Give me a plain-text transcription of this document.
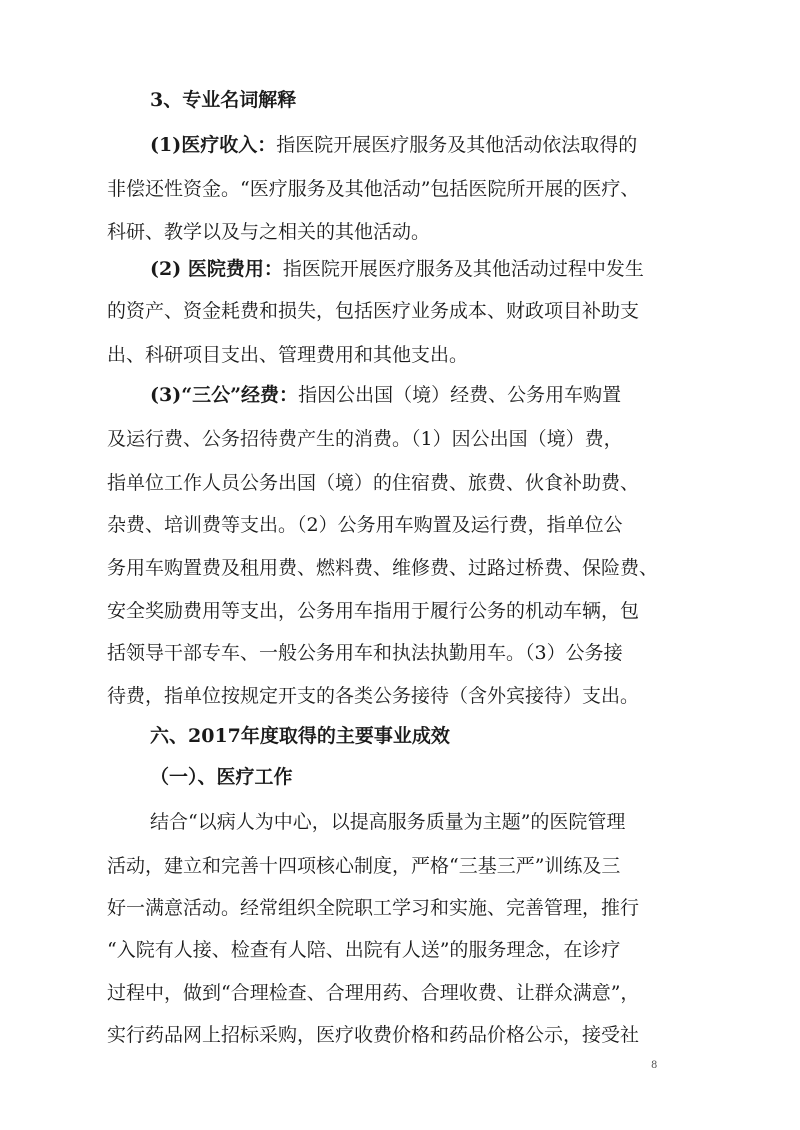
3、专业名词解释
(1)医疗收入：指医院开展医疗服务及其他活动依法取得的
非偿还性资金。“医疗服务及其他活动”包括医院所开展的医疗、
科研、教学以及与之相关的其他活动。
(2) 医院费用：指医院开展医疗服务及其他活动过程中发生
的资产、资金耗费和损失，包括医疗业务成本、财政项目补助支
出、科研项目支出、管理费用和其他支出。
(3)“三公”经费：指因公出国（境）经费、公务用车购置
及运行费、公务招待费产生的消费。（1）因公出国（境）费，
指单位工作人员公务出国（境）的住宿费、旅费、伙食补助费、
杂费、培训费等支出。（2）公务用车购置及运行费，指单位公
务用车购置费及租用费、燃料费、维修费、过路过桥费、保险费、
安全奖励费用等支出，公务用车指用于履行公务的机动车辆，包
括领导干部专车、一般公务用车和执法执勤用车。（3）公务接
待费，指单位按规定开支的各类公务接待（含外宾接待）支出。
六、2017年度取得的主要事业成效
（一）、医疗工作
结合“以病人为中心，以提高服务质量为主题”的医院管理
活动，建立和完善十四项核心制度，严格“三基三严”训练及三
好一满意活动。经常组织全院职工学习和实施、完善管理，推行
“入院有人接、检查有人陪、出院有人送”的服务理念，在诊疗
过程中，做到“合理检查、合理用药、合理收费、让群众满意”，
实行药品网上招标采购，医疗收费价格和药品价格公示，接受社
8
